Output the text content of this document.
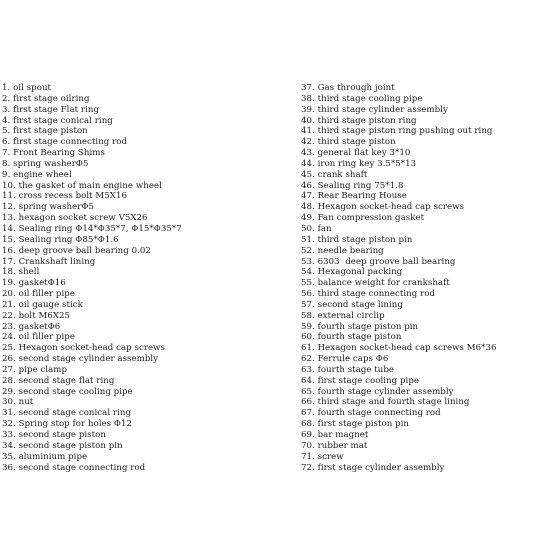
1. oil spout
2. first stage oilring
3. first stage Flat ring
4. first stage conical ring
5. first stage piston
6. first stage connecting rod
7. Front Bearing Shims
8. spring washerΦ5
9. engine wheel
10. the gasket of main engine wheel
11. cross recess bolt M5X16
12. spring washerΦ5
13. hexagon socket screw V5X26
14. Sealing ring Φ14*Φ35*7, Φ15*Φ35*7
15. Sealing ring Φ85*Φ1.6
16. deep groove ball bearing 0.02
17. Crankshaft lining
18. shell
19. gasketΦ16
20. oil filler pipe
21. oil gauge stick
22. bolt M6X25
23. gasketΦ6
24. oil filler pipe
25. Hexagon socket-head cap screws
26. second stage cylinder assembly
27. pipe clamp
28. second stage flat ring
29. second stage cooling pipe
30. nut
31. second stage conical ring
32. Spring stop for holes Φ12
33. second stage piston
34. second stage piston pin
35. aluminium pipe
36. second stage connecting rod
37. Gas through joint
38. third stage cooling pipe
39. third stage cylinder assembly
40. third stage piston ring
41. third stage piston ring pushing out ring
42. third stage piston
43. general flat key 3*10
44. iron ring key 3.5*5*13
45. crank shaft
46. Sealing ring 75*1.8
47. Rear Bearing House
48. Hexagon socket-head cap screws
49. Fan compression gasket
50. fan
51. third stage piston pin
52. needle bearing
53. 6303  deep groove ball bearing
54. Hexagonal packing
55. balance weight for crankshaft
56. third stage connecting rod
57. second stage lining
58. external circlip
59. fourth stage piston pin
60. fourth stage piston
61. Hexagon socket-head cap screws M6*36
62. Ferrule caps Φ6
63. fourth stage tube
64. first stage cooling pipe
65. fourth stage cylinder assembly
66. third stage and fourth stage lining
67. fourth stage connecting rod
68. first stage piston pin
69. bar magnet
70. rubber mat
71. screw
72. first stage cylinder assembly
